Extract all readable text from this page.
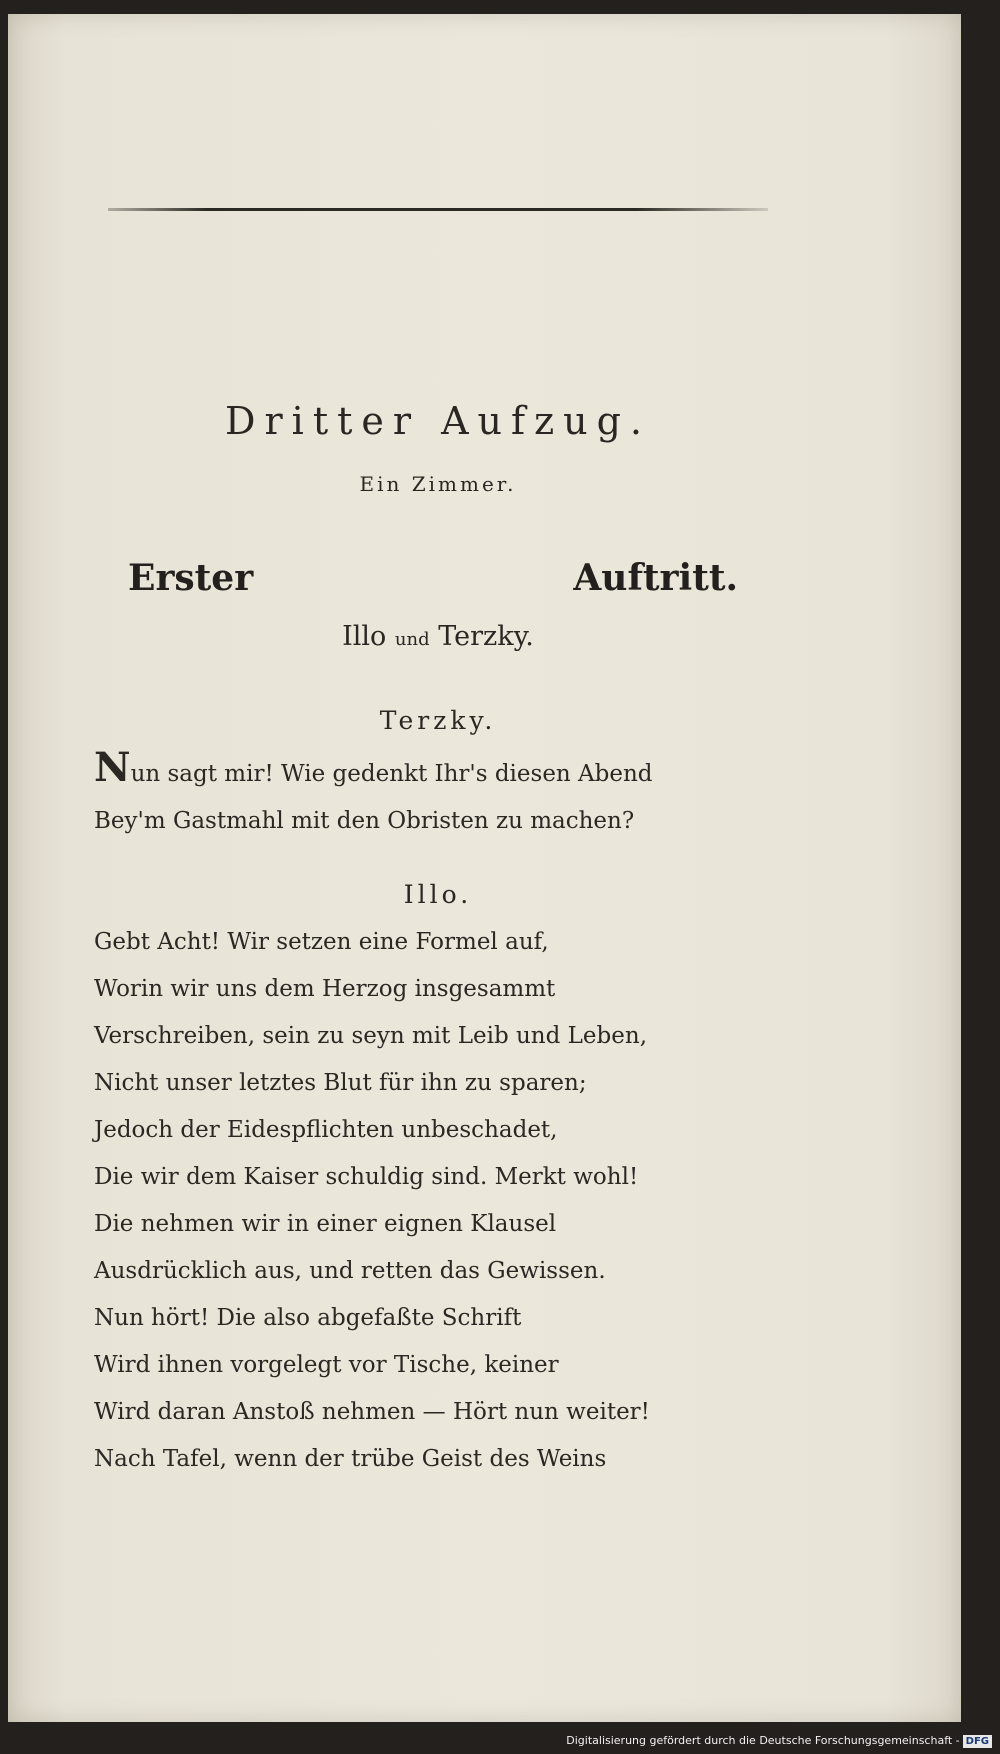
Dritter Aufzug.
Ein Zimmer.
Erster Auftritt.
Illo und Terzky.
Terzky.
Nun sagt mir! Wie gedenkt Ihr's diesen Abend
Bey'm Gastmahl mit den Obristen zu machen?
Illo.
Gebt Acht! Wir setzen eine Formel auf,
Worin wir uns dem Herzog insgesammt
Verschreiben, sein zu seyn mit Leib und Leben,
Nicht unser letztes Blut für ihn zu sparen;
Jedoch der Eidespflichten unbeschadet,
Die wir dem Kaiser schuldig sind. Merkt wohl!
Die nehmen wir in einer eignen Klausel
Ausdrücklich aus, und retten das Gewissen.
Nun hört! Die also abgefaßte Schrift
Wird ihnen vorgelegt vor Tische, keiner
Wird daran Anstoß nehmen — Hört nun weiter!
Nach Tafel, wenn der trübe Geist des Weins
Digitalisierung gefördert durch die Deutsche Forschungsgemeinschaft - DFG
